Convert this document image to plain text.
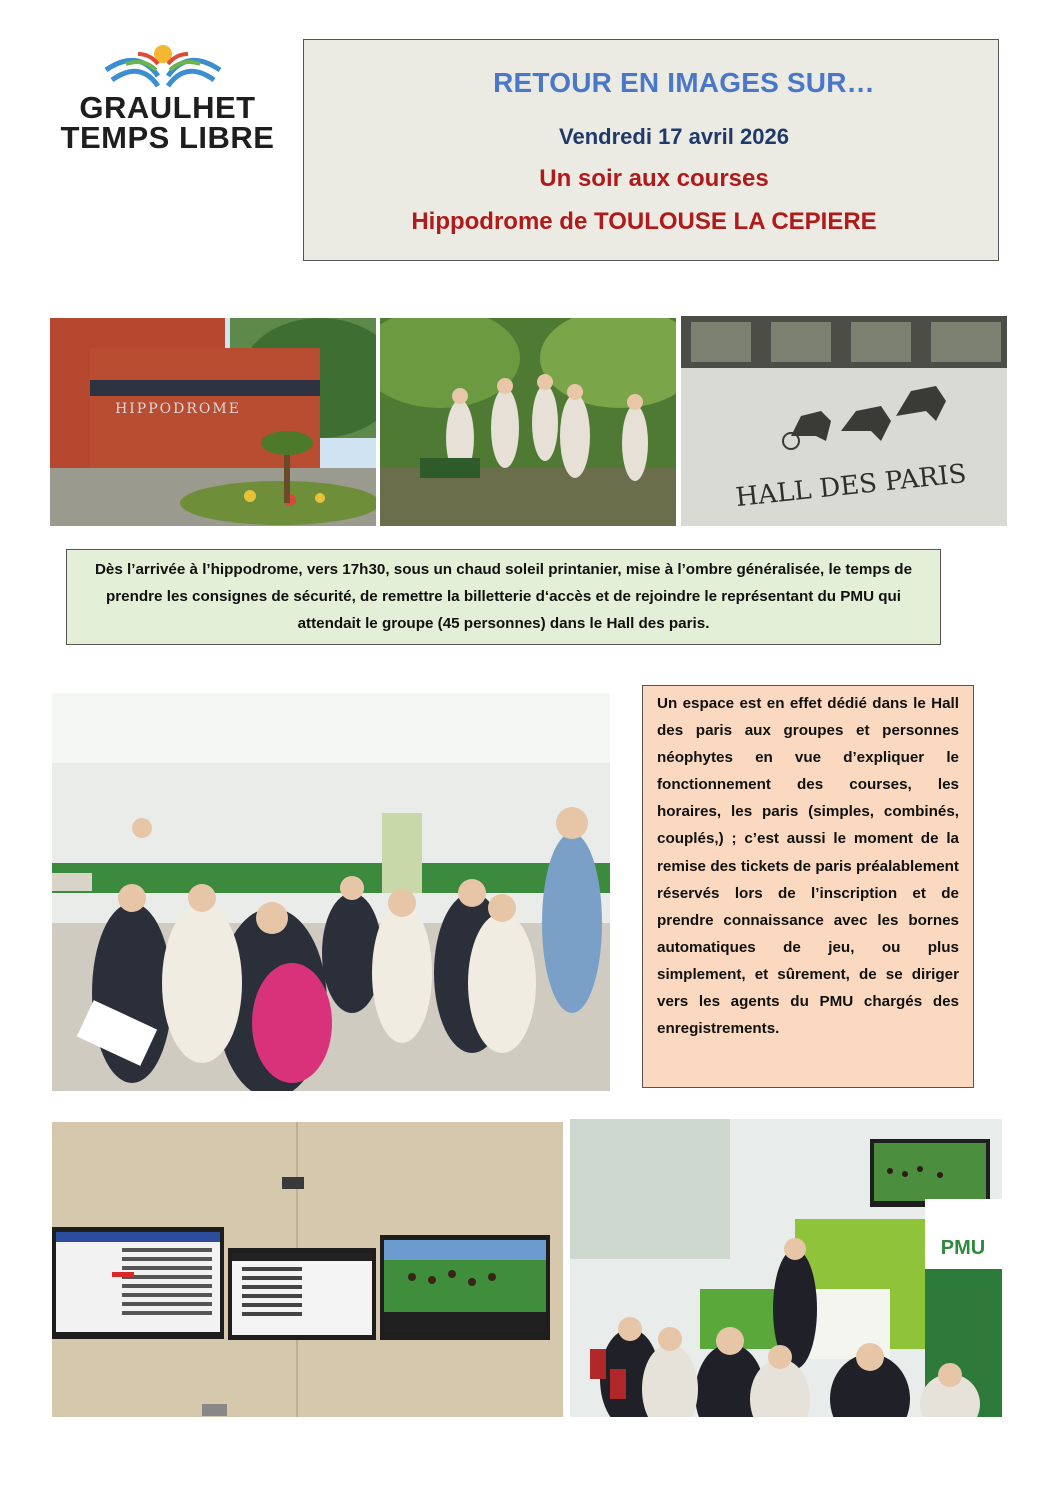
GRAULHET
TEMPS LIBRE
RETOUR EN IMAGES SUR…
Vendredi 17 avril 2026
Un soir aux courses
Hippodrome de TOULOUSE LA CEPIERE
HIPPODROME
HALL DES PARIS

Dès l’arrivée à l’hippodrome, vers 17h30, sous un chaud soleil printanier, mise à l’ombre généralisée, le temps de prendre les consignes de sécurité, de remettre la billetterie d‘accès et de rejoindre le représentant du PMU qui attendait le groupe (45 personnes) dans le Hall des paris.

Un espace est en effet dédié dans le Hall des paris aux groupes et personnes néophytes en vue d’expliquer le fonctionnement des courses, les horaires, les paris (simples, combinés, couplés,) ; c’est aussi le moment de la remise des tickets de paris préalablement réservés lors de l’inscription et de prendre connaissance avec les bornes automatiques de jeu, ou plus simplement, et sûrement, de se diriger vers les agents du PMU chargés des enregistrements.

PMU
